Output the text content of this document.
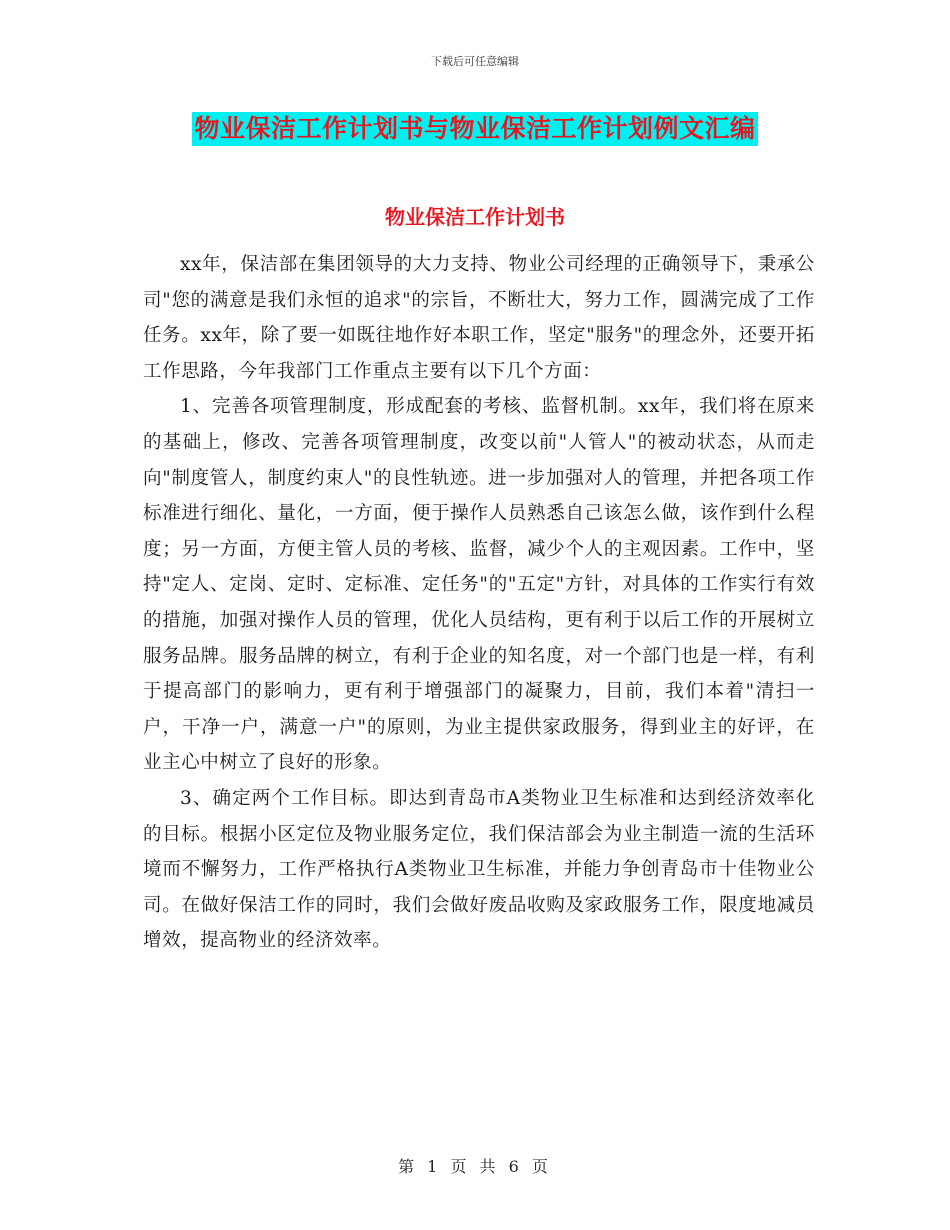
下载后可任意编辑
物业保洁工作计划书与物业保洁工作计划例文汇编
物业保洁工作计划书

xx年，保洁部在集团领导的大力支持、物业公司经理的正确领导下，秉承公司"您的满意是我们永恒的追求"的宗旨，不断壮大，努力工作，圆满完成了工作任务。xx年，除了要一如既往地作好本职工作，坚定"服务"的理念外，还要开拓工作思路，今年我部门工作重点主要有以下几个方面：

1、完善各项管理制度，形成配套的考核、监督机制。xx年，我们将在原来的基础上，修改、完善各项管理制度，改变以前"人管人"的被动状态，从而走向"制度管人，制度约束人"的良性轨迹。进一步加强对人的管理，并把各项工作标准进行细化、量化，一方面，便于操作人员熟悉自己该怎么做，该作到什么程度；另一方面，方便主管人员的考核、监督，减少个人的主观因素。工作中，坚持"定人、定岗、定时、定标准、定任务"的"五定"方针，对具体的工作实行有效的措施，加强对操作人员的管理，优化人员结构，更有利于以后工作的开展树立服务品牌。服务品牌的树立，有利于企业的知名度，对一个部门也是一样，有利于提高部门的影响力，更有利于增强部门的凝聚力，目前，我们本着"清扫一户，干净一户，满意一户"的原则，为业主提供家政服务，得到业主的好评，在业主心中树立了良好的形象。

3、确定两个工作目标。即达到青岛市A类物业卫生标准和达到经济效率化的目标。根据小区定位及物业服务定位，我们保洁部会为业主制造一流的生活环境而不懈努力，工作严格执行A类物业卫生标准，并能力争创青岛市十佳物业公司。在做好保洁工作的同时，我们会做好废品收购及家政服务工作，限度地减员增效，提高物业的经济效率。

第 1 页 共 6 页
